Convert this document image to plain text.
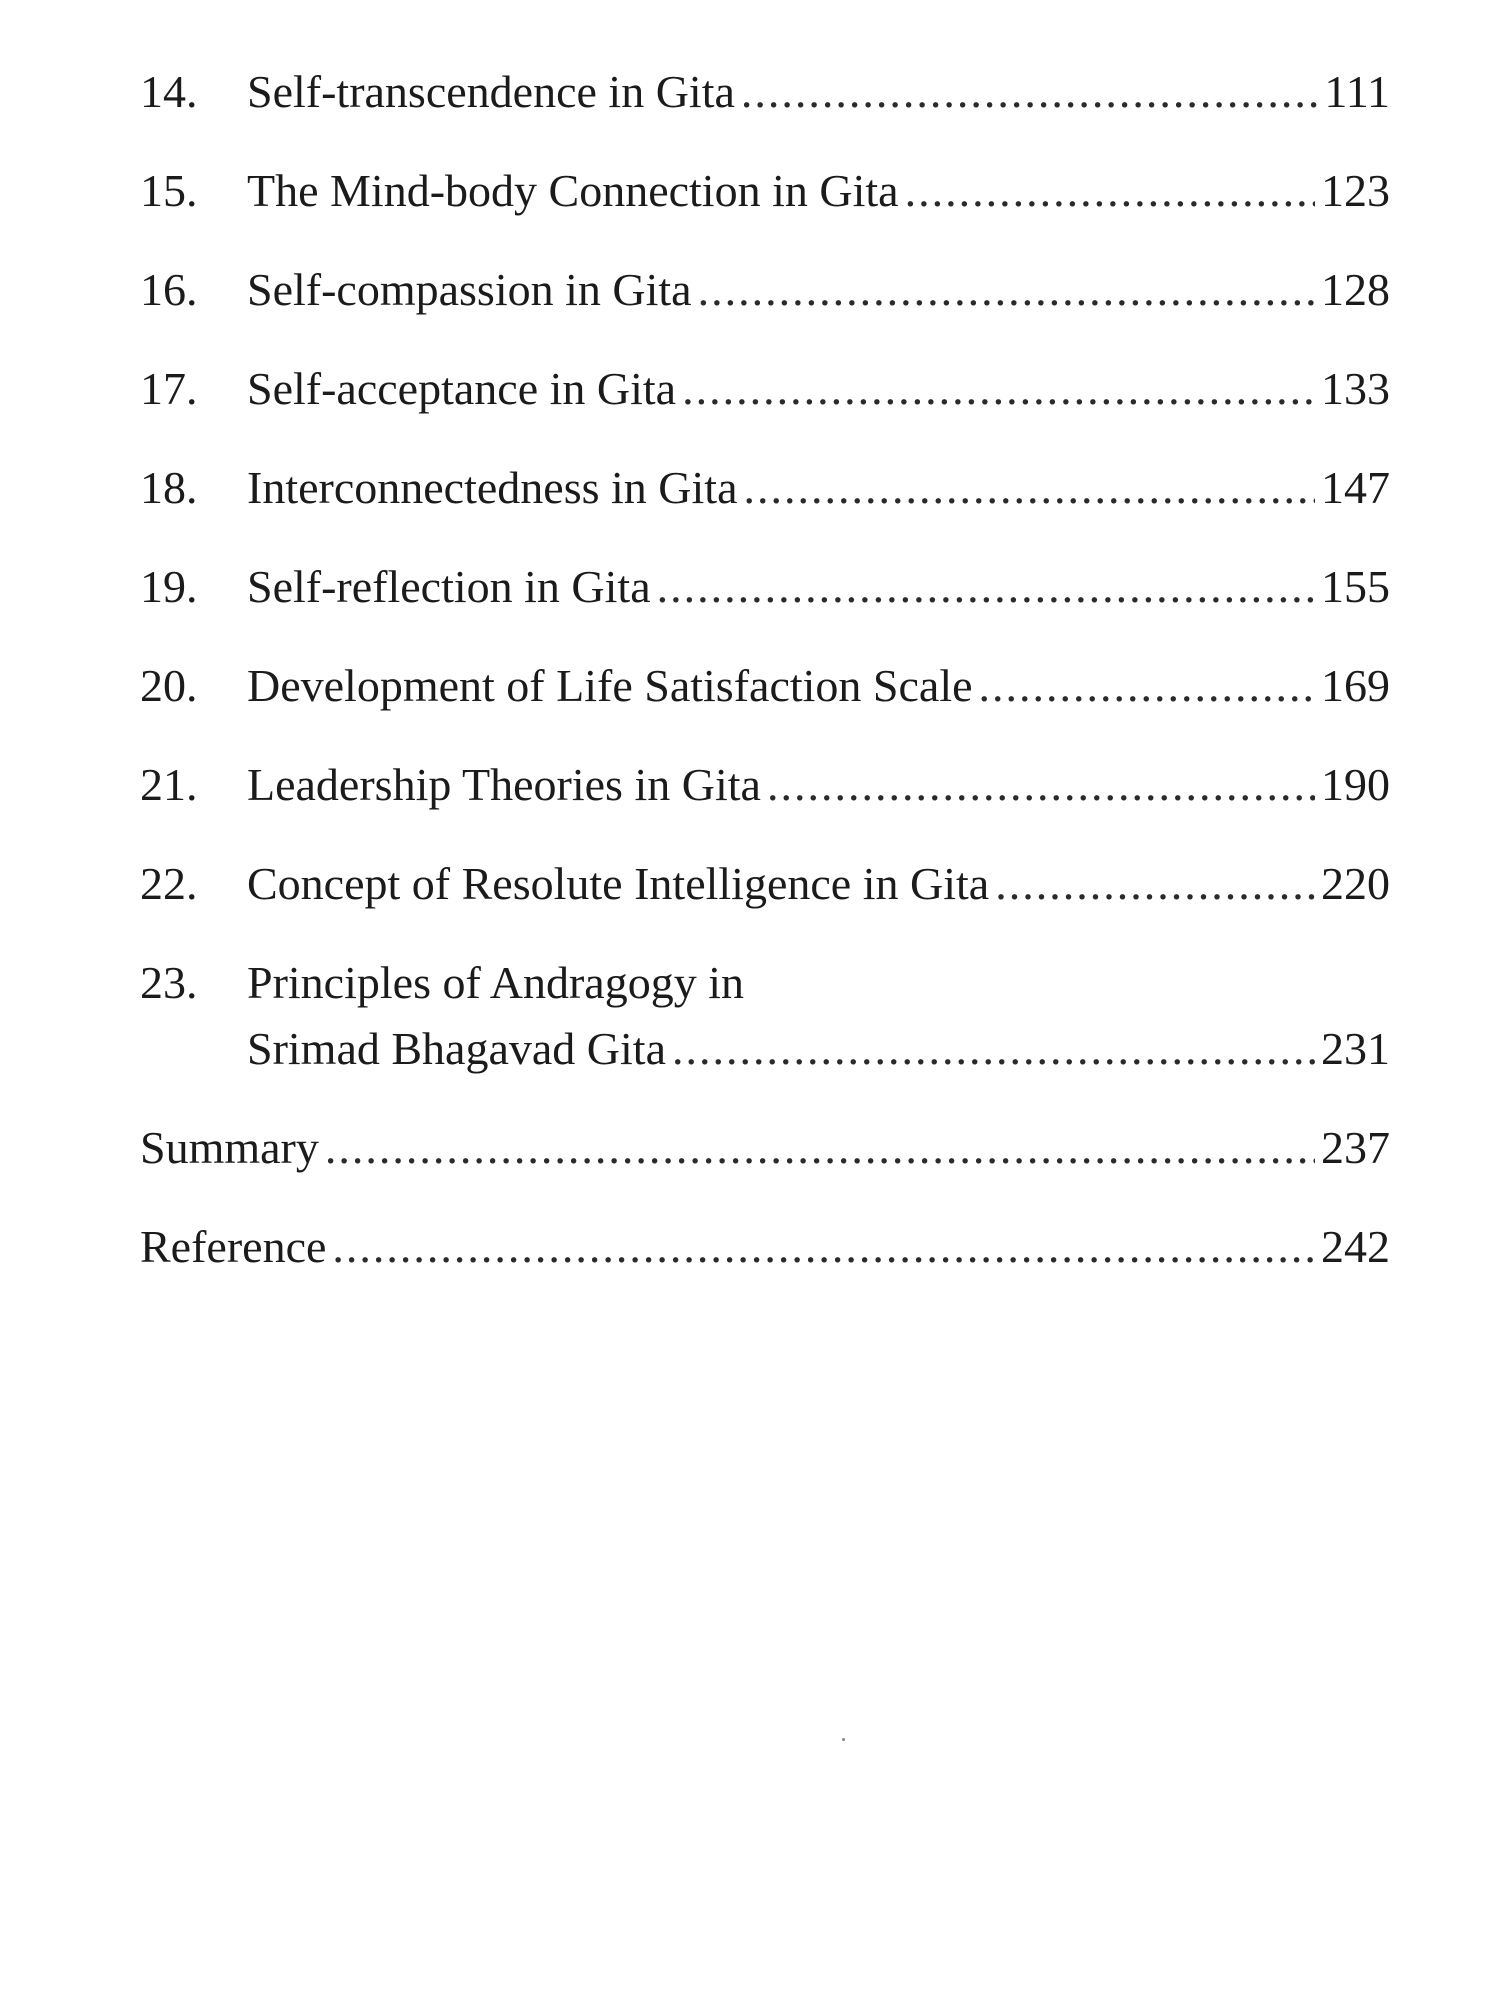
14.	Self-transcendence in Gita .....	111
15.	The Mind-body Connection in Gita .....	123
16.	Self-compassion in Gita .....	128
17.	Self-acceptance in Gita .....	133
18.	Interconnectedness in Gita .....	147
19.	Self-reflection in Gita .....	155
20.	Development of Life Satisfaction Scale .....	169
21.	Leadership Theories in Gita .....	190
22.	Concept of Resolute Intelligence in Gita .....	220
23.	Principles of Andragogy in
Srimad Bhagavad Gita .....	231
Summary .....	237
Reference .....	242
